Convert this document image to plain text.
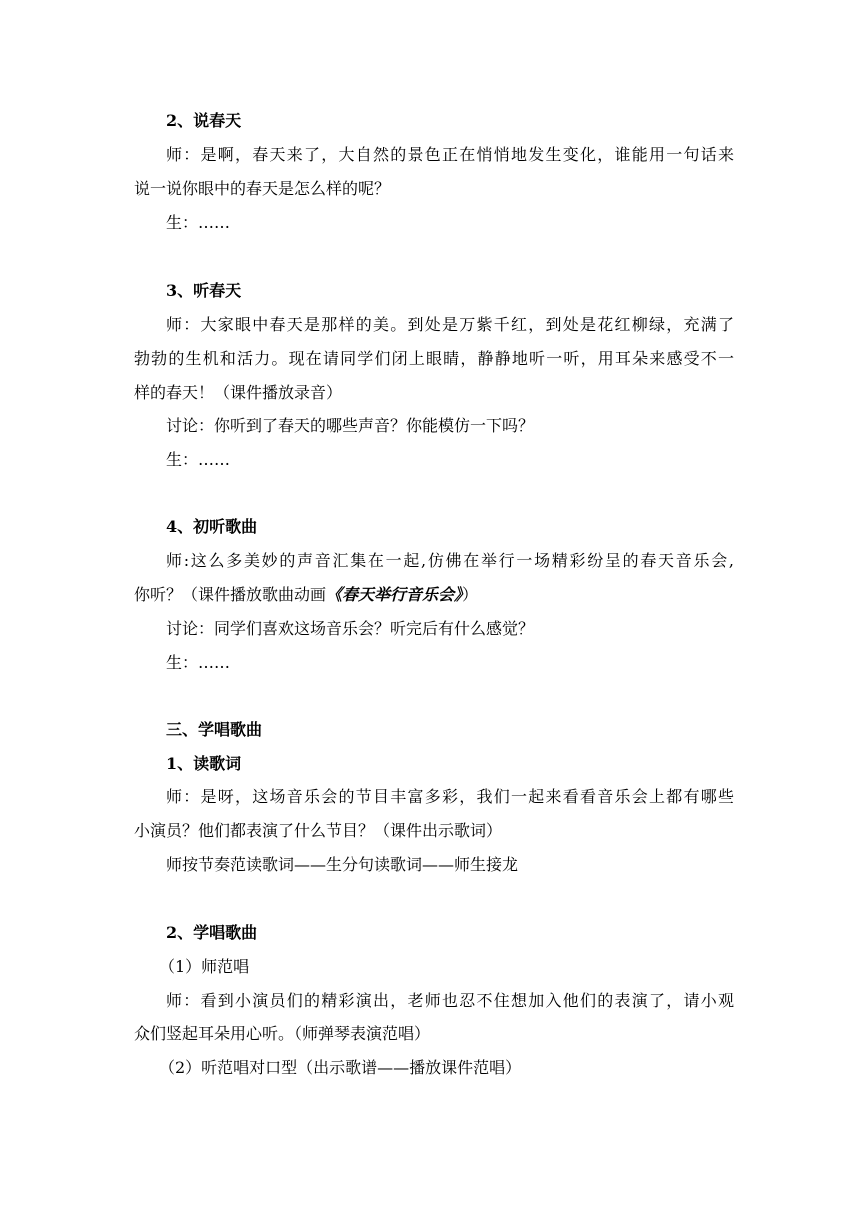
2、说春天
师：是啊，春天来了，大自然的景色正在悄悄地发生变化，谁能用一句话来
说一说你眼中的春天是怎么样的呢？
生：……
3、听春天
师：大家眼中春天是那样的美。到处是万紫千红，到处是花红柳绿，充满了
勃勃的生机和活力。现在请同学们闭上眼睛，静静地听一听，用耳朵来感受不一
样的春天！（课件播放录音）
讨论：你听到了春天的哪些声音？你能模仿一下吗？
生：……
4、初听歌曲
师:这么多美妙的声音汇集在一起,仿佛在举行一场精彩纷呈的春天音乐会,
你听？（课件播放歌曲动画《春天举行音乐会》）
讨论：同学们喜欢这场音乐会？听完后有什么感觉？
生：……
三、学唱歌曲
1、读歌词
师：是呀，这场音乐会的节目丰富多彩，我们一起来看看音乐会上都有哪些
小演员？他们都表演了什么节目？（课件出示歌词）
师按节奏范读歌词——生分句读歌词——师生接龙
2、学唱歌曲
（1）师范唱
师：看到小演员们的精彩演出，老师也忍不住想加入他们的表演了，请小观
众们竖起耳朵用心听。（师弹琴表演范唱）
（2）听范唱对口型（出示歌谱——播放课件范唱）
